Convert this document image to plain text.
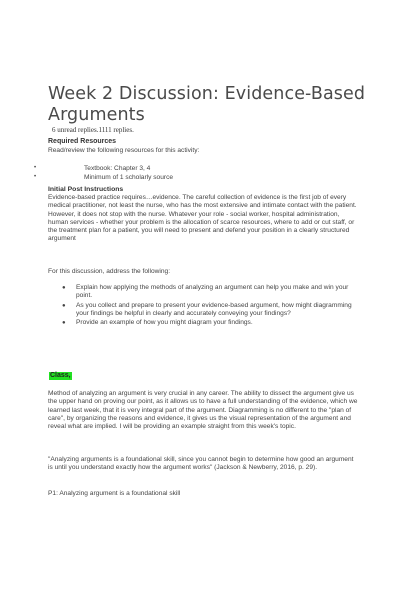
Week 2 Discussion: Evidence-Based Arguments
6 unread replies.1111 replies.
Required Resources
Read/review the following resources for this activity:
•	Textbook: Chapter 3, 4
•	Minimum of 1 scholarly source
Initial Post Instructions

Evidence-based practice requires…evidence. The careful collection of evidence is the first job of every medical practitioner, not least the nurse, who has the most extensive and intimate contact with the patient. However, it does not stop with the nurse. Whatever your role - social worker, hospital administration, human services - whether your problem is the allocation of scarce resources, where to add or cut staff, or the treatment plan for a patient, you will need to present and defend your position in a clearly structured argument

For this discussion, address the following:

● Explain how applying the methods of analyzing an argument can help you make and win your point.
● As you collect and prepare to present your evidence-based argument, how might diagramming your findings be helpful in clearly and accurately conveying your findings?
● Provide an example of how you might diagram your findings.
Class,

Method of analyzing an argument is very crucial in any career. The ability to dissect the argument give us the upper hand on proving our point, as it allows us to have a full understanding of the evidence, which we learned last week, that it is very integral part of the argument. Diagramming is no different to the "plan of care", by organizing the reasons and evidence, it gives us the visual representation of the argument and reveal what are implied. I will be providing an example straight from this week's topic.

"Analyzing arguments is a foundational skill, since you cannot begin to determine how good an argument is until you understand exactly how the argument works" (Jackson & Newberry, 2016, p. 29).

P1: Analyzing argument is a foundational skill
